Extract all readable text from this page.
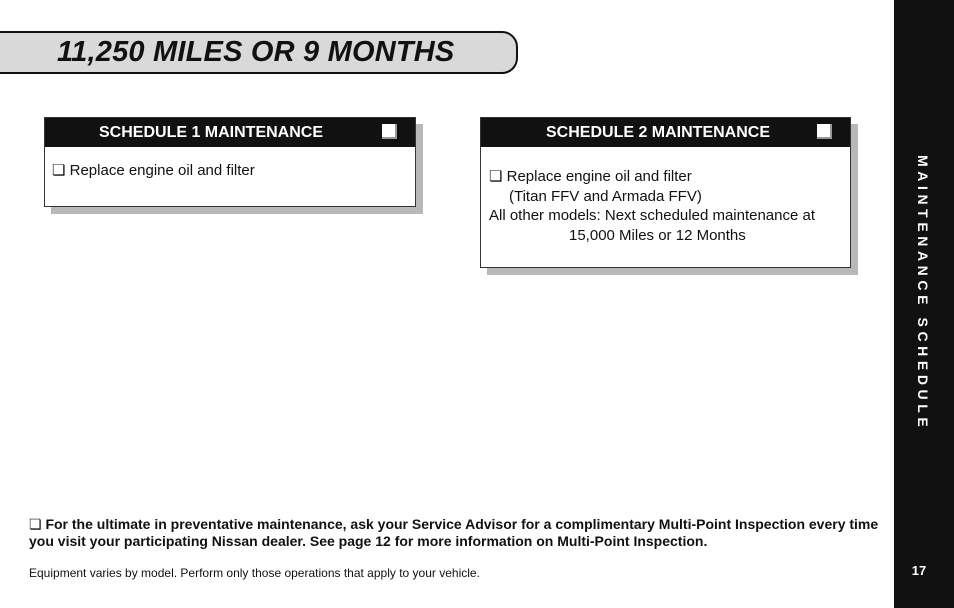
11,250 MILES OR 9 MONTHS
SCHEDULE 1 MAINTENANCE
❏ Replace engine oil and filter
SCHEDULE 2 MAINTENANCE
❏ Replace engine oil and filter
(Titan FFV and Armada FFV)
All other models: Next scheduled maintenance at
15,000 Miles or 12 Months
❏ For the ultimate in preventative maintenance, ask your Service Advisor for a complimentary Multi-Point Inspection every time you visit your participating Nissan dealer. See page 12 for more information on Multi-Point Inspection.
Equipment varies by model. Perform only those operations that apply to your vehicle.
MAINTENANCE SCHEDULE
17
